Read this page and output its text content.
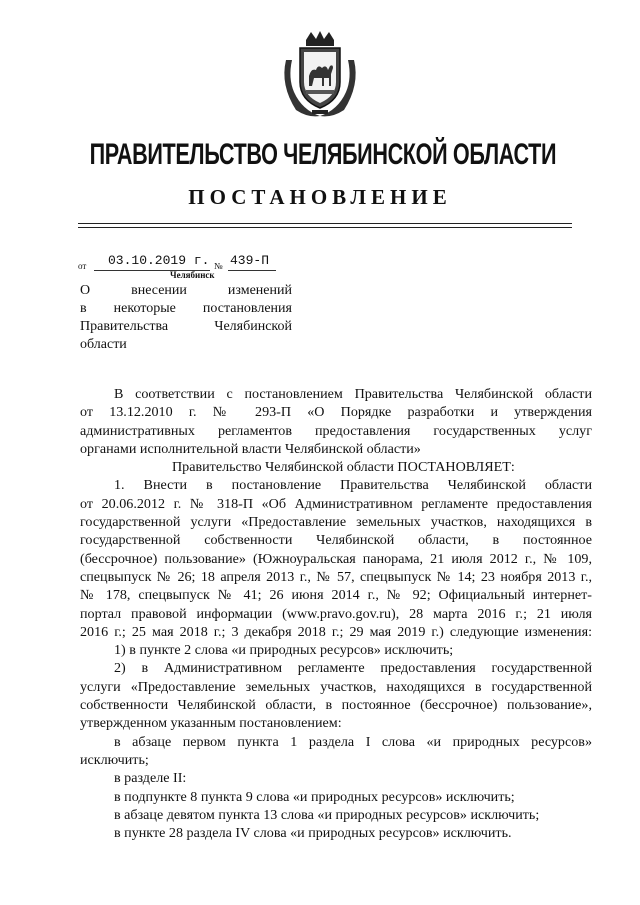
ПРАВИТЕЛЬСТВО ЧЕЛЯБИНСКОЙ ОБЛАСТИ
ПОСТАНОВЛЕНИЕ
от 03.10.2019 г. № 439-П
Челябинск
О внесении изменений
в некоторые постановления
Правительства Челябинской
области
В соответствии с постановлением Правительства Челябинской области
от 13.12.2010 г. № 293-П «О Порядке разработки и утверждения
административных регламентов предоставления государственных услуг
органами исполнительной власти Челябинской области»
Правительство Челябинской области ПОСТАНОВЛЯЕТ:
1. Внести в постановление Правительства Челябинской области
от 20.06.2012 г. № 318-П «Об Административном регламенте предоставления
государственной услуги «Предоставление земельных участков, находящихся в
государственной собственности Челябинской области, в постоянное
(бессрочное) пользование» (Южноуральская панорама, 21 июля 2012 г., № 109,
спецвыпуск № 26; 18 апреля 2013 г., № 57, спецвыпуск № 14; 23 ноября 2013 г.,
№ 178, спецвыпуск № 41; 26 июня 2014 г., № 92; Официальный интернет-
портал правовой информации (www.pravo.gov.ru), 28 марта 2016 г.; 21 июля
2016 г.; 25 мая 2018 г.; 3 декабря 2018 г.; 29 мая 2019 г.) следующие изменения:
1) в пункте 2 слова «и природных ресурсов» исключить;
2) в Административном регламенте предоставления государственной
услуги «Предоставление земельных участков, находящихся в государственной
собственности Челябинской области, в постоянное (бессрочное) пользование»,
утвержденном указанным постановлением:
в абзаце первом пункта 1 раздела I слова «и природных ресурсов»
исключить;
в разделе II:
в подпункте 8 пункта 9 слова «и природных ресурсов» исключить;
в абзаце девятом пункта 13 слова «и природных ресурсов» исключить;
в пункте 28 раздела IV слова «и природных ресурсов» исключить.
